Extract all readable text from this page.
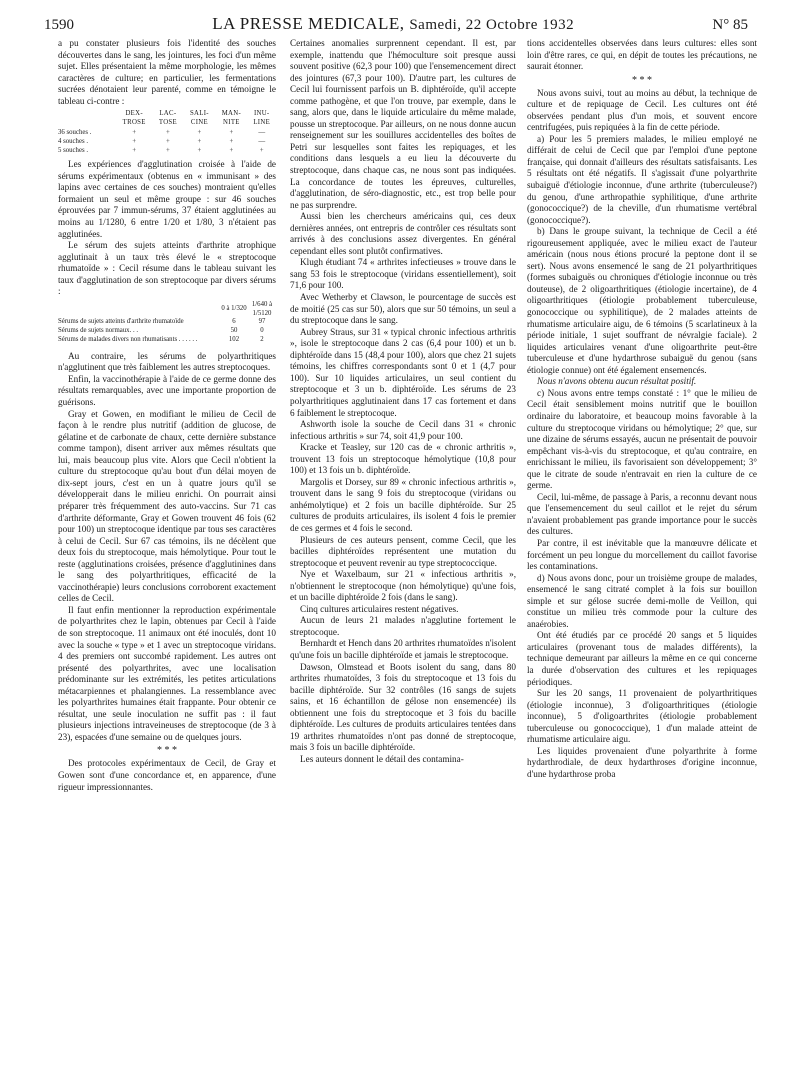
1590	LA PRESSE MEDICALE, Samedi, 22 Octobre 1932	N° 85

a pu constater plusieurs fois l'identité des souches découvertes dans le sang, les jointures, les foci d'un même sujet. Elles présentaient la même morphologie, les mêmes caractères de culture; en particulier, les fermentations sucrées dénotaient leur parenté, comme en témoigne le tableau ci-contre :

	DEX-TROSE	LAC-TOSE	SALI-CINE	MAN-NITE	INU-LINE
36 souches .	+	+	+	+	—
4 souches .	+	+	+	+	—
5 souches .	+	+	+	+	+

Les expériences d'agglutination croisée à l'aide de sérums expérimentaux (obtenus en « immunisant » des lapins avec certaines de ces souches) montraient qu'elles formaient un seul et même groupe : sur 46 souches éprouvées par 7 immun-sérums, 37 étaient agglutinées au moins au 1/1280, 6 entre 1/20 et 1/80, 3 n'étaient pas agglutinées.

Le sérum des sujets atteints d'arthrite atrophique agglutinait à un taux très élevé le « streptocoque rhumatoïde » : Cecil résume dans le tableau suivant les taux d'agglutination de son streptocoque par divers sérums :

	0 à 1/320	1/640 à 1/5120
Sérums de sujets atteints d'arthrite rhumatoïde	6	97
Sérums de sujets normaux. . .	50	0
Sérums de malades divers non rhumatisants . . . . . .	102	2

Au contraire, les sérums de polyarthritiques n'agglutinent que très faiblement les autres streptocoques.

Enfin, la vaccinothérapie à l'aide de ce germe donne des résultats remarquables, avec une importante proportion de guérisons.

Gray et Gowen, en modifiant le milieu de Cecil de façon à le rendre plus nutritif (addition de glucose, de gélatine et de carbonate de chaux, cette dernière substance comme tampon), disent arriver aux mêmes résultats que lui, mais beaucoup plus vite. Alors que Cecil n'obtient la culture du streptocoque qu'au bout d'un délai moyen de dix-sept jours, c'est en un à quatre jours qu'il se développerait dans le milieu enrichi. On pourrait ainsi préparer très fréquemment des auto-vaccins. Sur 71 cas d'arthrite déformante, Gray et Gowen trouvent 46 fois (62 pour 100) un streptocoque identique par tous ses caractères à celui de Cecil. Sur 67 cas témoins, ils ne décèlent que deux fois du streptocoque, mais hémolytique. Pour tout le reste (agglutinations croisées, présence d'agglutinines dans le sang des polyarthritiques, efficacité de la vaccinothérapie) leurs conclusions corroborent exactement celles de Cecil.

Il faut enfin mentionner la reproduction expérimentale de polyarthrites chez le lapin, obtenues par Cecil à l'aide de son streptocoque. 11 animaux ont été inoculés, dont 10 avec la souche « type » et 1 avec un streptocoque viridans. 4 des premiers ont succombé rapidement. Les autres ont présenté des polyarthrites, avec une localisation prédominante sur les extrémités, les petites articulations métacarpiennes et phalangiennes. La ressemblance avec les polyarthrites humaines était frappante. Pour obtenir ce résultat, une seule inoculation ne suffit pas : il faut plusieurs injections intraveineuses de streptocoque (de 3 à 23), espacées d'une semaine ou de quelques jours.

* * *

Des protocoles expérimentaux de Cecil, de Gray et Gowen sont d'une concordance et, en apparence, d'une rigueur impressionnantes.

Certaines anomalies surprennent cependant. Il est, par exemple, inattendu que l'hémoculture soit presque aussi souvent positive (62,3 pour 100) que l'ensemencement direct des jointures (67,3 pour 100). D'autre part, les cultures de Cecil lui fournissent parfois un B. diphtéroïde, qu'il accepte comme pathogène, et que l'on trouve, par exemple, dans le sang, alors que, dans le liquide articulaire du même malade, pousse un streptocoque. Par ailleurs, on ne nous donne aucun renseignement sur les souillures accidentelles des boîtes de Petri sur lesquelles sont faites les repiquages, et les conditions dans lesquels a eu lieu la découverte du streptocoque, dans chaque cas, ne nous sont pas indiquées. La concordance de toutes les épreuves, culturelles, d'agglutination, de séro-diagnostic, etc., est trop belle pour ne pas surprendre.

Aussi bien les chercheurs américains qui, ces deux dernières années, ont entrepris de contrôler ces résultats sont arrivés à des conclusions assez divergentes. En général cependant elles sont plutôt confirmatives.

Klugh étudiant 74 « arthrites infectieuses » trouve dans le sang 53 fois le streptocoque (viridans essentiellement), soit 71,6 pour 100.

Avec Wetherby et Clawson, le pourcentage de succès est de moitié (25 cas sur 50), alors que sur 50 témoins, un seul a du streptocoque dans le sang.

Aubrey Straus, sur 31 « typical chronic infectious arthritis », isole le streptocoque dans 2 cas (6,4 pour 100) et un b. diphtéroïde dans 15 (48,4 pour 100), alors que chez 21 sujets témoins, les chiffres correspondants sont 0 et 1 (4,7 pour 100). Sur 10 liquides articulaires, un seul contient du streptocoque et 3 un b. diphtéroïde. Les sérums de 23 polyarthritiques agglutinaient dans 17 cas fortement et dans 6 faiblement le streptocoque.

Ashworth isole la souche de Cecil dans 31 « chronic infectious arthritis » sur 74, soit 41,9 pour 100.

Kracke et Teasley, sur 120 cas de « chronic arthritis », trouvent 13 fois un streptocoque hémolytique (10,8 pour 100) et 13 fois un b. diphtéroïde.

Margolis et Dorsey, sur 89 « chronic infectious arthritis », trouvent dans le sang 9 fois du streptocoque (viridans ou anhémolytique) et 2 fois un bacille diphtéroïde. Sur 25 cultures de produits articulaires, ils isolent 4 fois le premier de ces germes et 4 fois le second.

Plusieurs de ces auteurs pensent, comme Cecil, que les bacilles diphtéroïdes représentent une mutation du streptocoque et peuvent revenir au type streptococcique.

Nye et Waxelbaum, sur 21 « infectious arthritis », n'obtiennent le streptocoque (non hémolytique) qu'une fois, et un bacille diphtéroïde 2 fois (dans le sang).

Cinq cultures articulaires restent négatives.

Aucun de leurs 21 malades n'agglutine fortement le streptocoque.

Bernhardt et Hench dans 20 arthrites rhumatoïdes n'isolent qu'une fois un bacille diphtéroïde et jamais le streptocoque.

Dawson, Olmstead et Boots isolent du sang, dans 80 arthrites rhumatoïdes, 3 fois du streptocoque et 13 fois du bacille diphtéroïde. Sur 32 contrôles (16 sangs de sujets sains, et 16 échantillon de gélose non ensemencée) ils obtiennent une fois du streptocoque et 3 fois du bacille diphtéroïde. Les cultures de produits articulaires tentées dans 19 arthrites rhumatoïdes n'ont pas donné de streptocoque, mais 3 fois un bacille diphtéroïde.

Les auteurs donnent le détail des contamina-

tions accidentelles observées dans leurs cultures: elles sont loin d'être rares, ce qui, en dépit de toutes les précautions, ne saurait étonner.

* * *

Nous avons suivi, tout au moins au début, la technique de culture et de repiquage de Cecil. Les cultures ont été observées pendant plus d'un mois, et souvent encore centrifugées, puis repiquées à la fin de cette période.

a) Pour les 5 premiers malades, le milieu employé ne différait de celui de Cecil que par l'emploi d'une peptone française, qui donnait d'ailleurs des résultats satisfaisants. Les 5 résultats ont été négatifs. Il s'agissait d'une polyarthrite subaiguë d'étiologie inconnue, d'une arthrite (tuberculeuse?) du genou, d'une arthropathie syphilitique, d'une arthrite (gonococcique?) de la cheville, d'un rhumatisme vertébral (gonococcique?).

b) Dans le groupe suivant, la technique de Cecil a été rigoureusement appliquée, avec le milieu exact de l'auteur américain (nous nous étions procuré la peptone dont il se sert). Nous avons ensemencé le sang de 21 polyarthritiques (formes subaiguës ou chroniques d'étiologie inconnue ou très douteuse), de 2 oligoarthritiques (étiologie incertaine), de 4 oligoarthritiques (étiologie probablement tuberculeuse, gonococcique ou syphilitique), de 2 malades atteints de rhumatisme articulaire aigu, de 6 témoins (5 scarlatineux à la période initiale, 1 sujet souffrant de névralgie faciale). 2 liquides articulaires venant d'une oligoarthrite peut-être tuberculeuse et d'une hydarthrose subaiguë du genou (sans étiologie connue) ont été également ensemencés.

Nous n'avons obtenu aucun résultat positif.

c) Nous avons entre temps constaté : 1° que le milieu de Cecil était sensiblement moins nutritif que le bouillon ordinaire du laboratoire, et beaucoup moins favorable à la culture du streptocoque viridans ou hémolytique; 2° que, sur une dizaine de sérums essayés, aucun ne présentait de pouvoir empêchant vis-à-vis du streptocoque, et qu'au contraire, en enrichissant le milieu, ils favorisaient son développement; 3° que le citrate de soude n'entravait en rien la culture de ce germe.

Cecil, lui-même, de passage à Paris, a reconnu devant nous que l'ensemencement du seul caillot et le rejet du sérum n'avaient probablement pas grande importance pour le succès des cultures.

Par contre, il est inévitable que la manœuvre délicate et forcément un peu longue du morcellement du caillot favorise les contaminations.

d) Nous avons donc, pour un troisième groupe de malades, ensemencé le sang citraté complet à la fois sur bouillon simple et sur gélose sucrée demi-molle de Veillon, qui constitue un milieu très commode pour la culture des anaérobies.

Ont été étudiés par ce procédé 20 sangs et 5 liquides articulaires (provenant tous de malades différents), la technique demeurant par ailleurs la même en ce qui concerne la durée d'observation des cultures et les repiquages périodiques.

Sur les 20 sangs, 11 provenaient de polyarthritiques (étiologie inconnue), 3 d'oligoarthritiques (étiologie inconnue), 5 d'oligoarthrites (étiologie probablement tuberculeuse ou gonococcique), 1 d'un malade atteint de rhumatisme articulaire aigu.

Les liquides provenaient d'une polyarthrite à forme hydarthrodiale, de deux hydarthroses d'origine inconnue, d'une hydarthrose proba
